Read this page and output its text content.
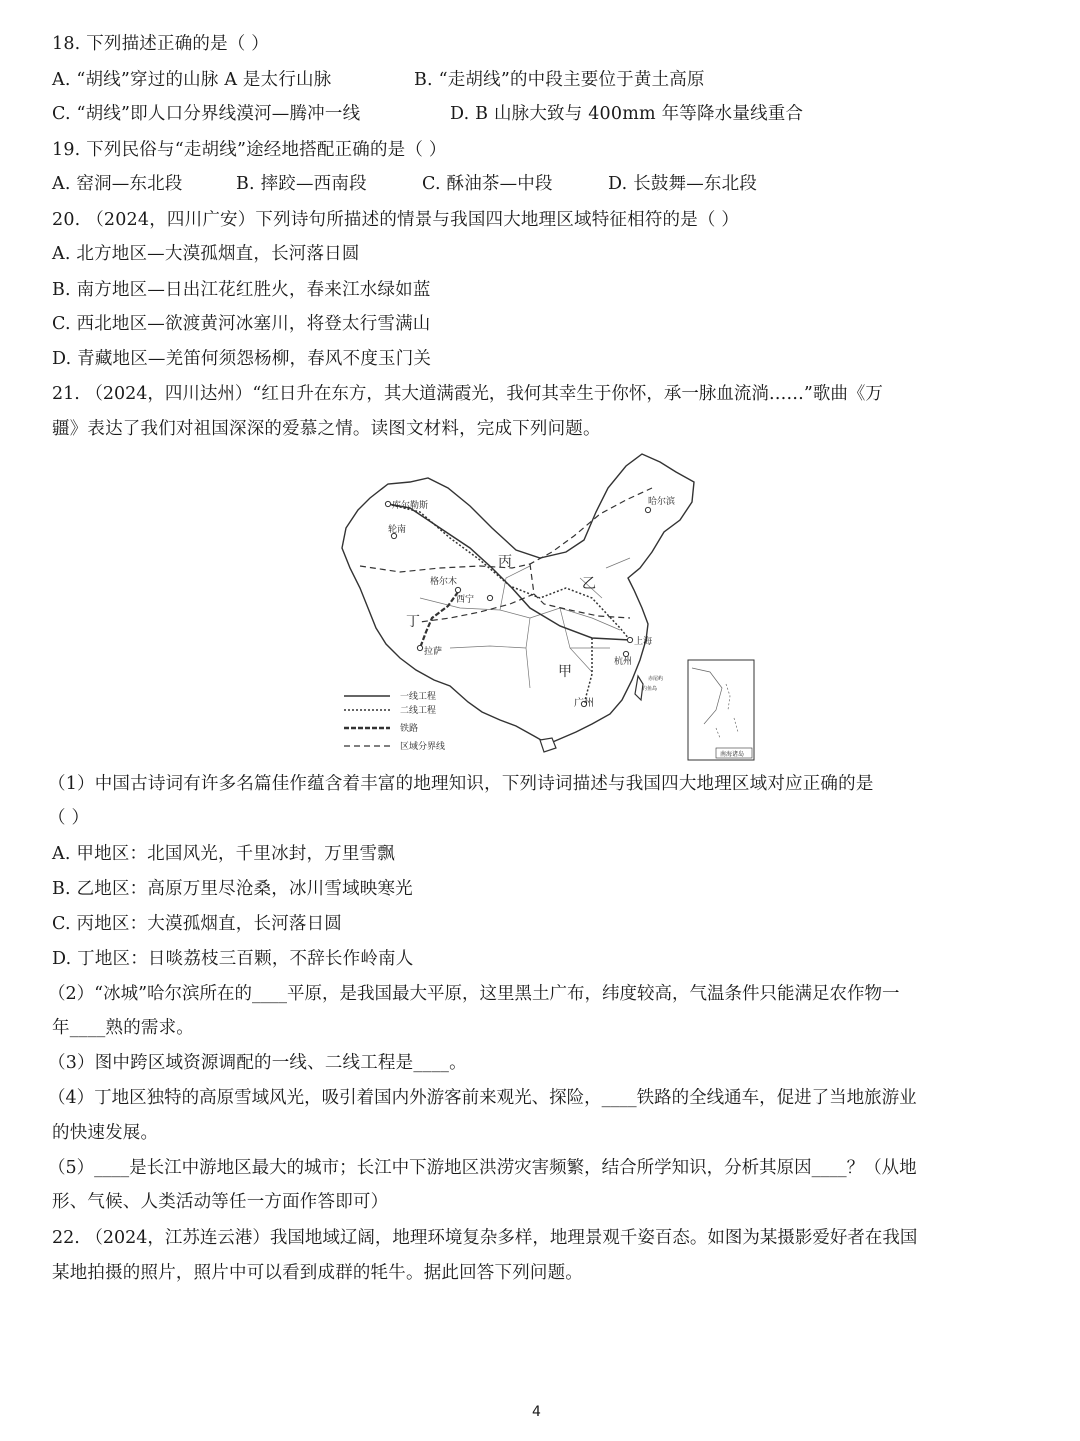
18. 下列描述正确的是（ ）
A. “胡线”穿过的山脉 A 是太行山脉	B. “走胡线”的中段主要位于黄土高原
C. “胡线”即人口分界线漠河—腾冲一线	D. B 山脉大致与 400mm 年等降水量线重合
19. 下列民俗与“走胡线”途经地搭配正确的是（ ）
A. 窑洞—东北段	B. 摔跤—西南段	C. 酥油茶—中段	D. 长鼓舞—东北段
20. （2024，四川广安）下列诗句所描述的情景与我国四大地理区域特征相符的是（ ）
A. 北方地区—大漠孤烟直，长河落日圆
B. 南方地区—日出江花红胜火，春来江水绿如蓝
C. 西北地区—欲渡黄河冰塞川，将登太行雪满山
D. 青藏地区—羌笛何须怨杨柳，春风不度玉门关
21. （2024，四川达州）“红日升在东方，其大道满霞光，我何其幸生于你怀，承一脉血流淌……”歌曲《万
疆》表达了我们对祖国深深的爱慕之情。读图文材料，完成下列问题。
库尔勒斯
轮南
格尔木
西宁
哈尔滨
上海
杭州
拉萨
广州
丙
乙
丁
甲
一线工程
二线工程
铁路
区域分界线
南海诸岛
赤尾屿
钓鱼岛
（1）中国古诗词有许多名篇佳作蕴含着丰富的地理知识，下列诗词描述与我国四大地理区域对应正确的是
（ ）
A. 甲地区：北国风光，千里冰封，万里雪飘
B. 乙地区：高原万里尽沧桑，冰川雪域映寒光
C. 丙地区：大漠孤烟直，长河落日圆
D. 丁地区：日啖荔枝三百颗，不辞长作岭南人
（2）“冰城”哈尔滨所在的____平原，是我国最大平原，这里黑土广布，纬度较高，气温条件只能满足农作物一
年____熟的需求。
（3）图中跨区域资源调配的一线、二线工程是____。
（4）丁地区独特的高原雪域风光，吸引着国内外游客前来观光、探险，____铁路的全线通车，促进了当地旅游业
的快速发展。
（5）____是长江中游地区最大的城市；长江中下游地区洪涝灾害频繁，结合所学知识，分析其原因____？（从地
形、气候、人类活动等任一方面作答即可）
22. （2024，江苏连云港）我国地域辽阔，地理环境复杂多样，地理景观千姿百态。如图为某摄影爱好者在我国
某地拍摄的照片，照片中可以看到成群的牦牛。据此回答下列问题。
4
